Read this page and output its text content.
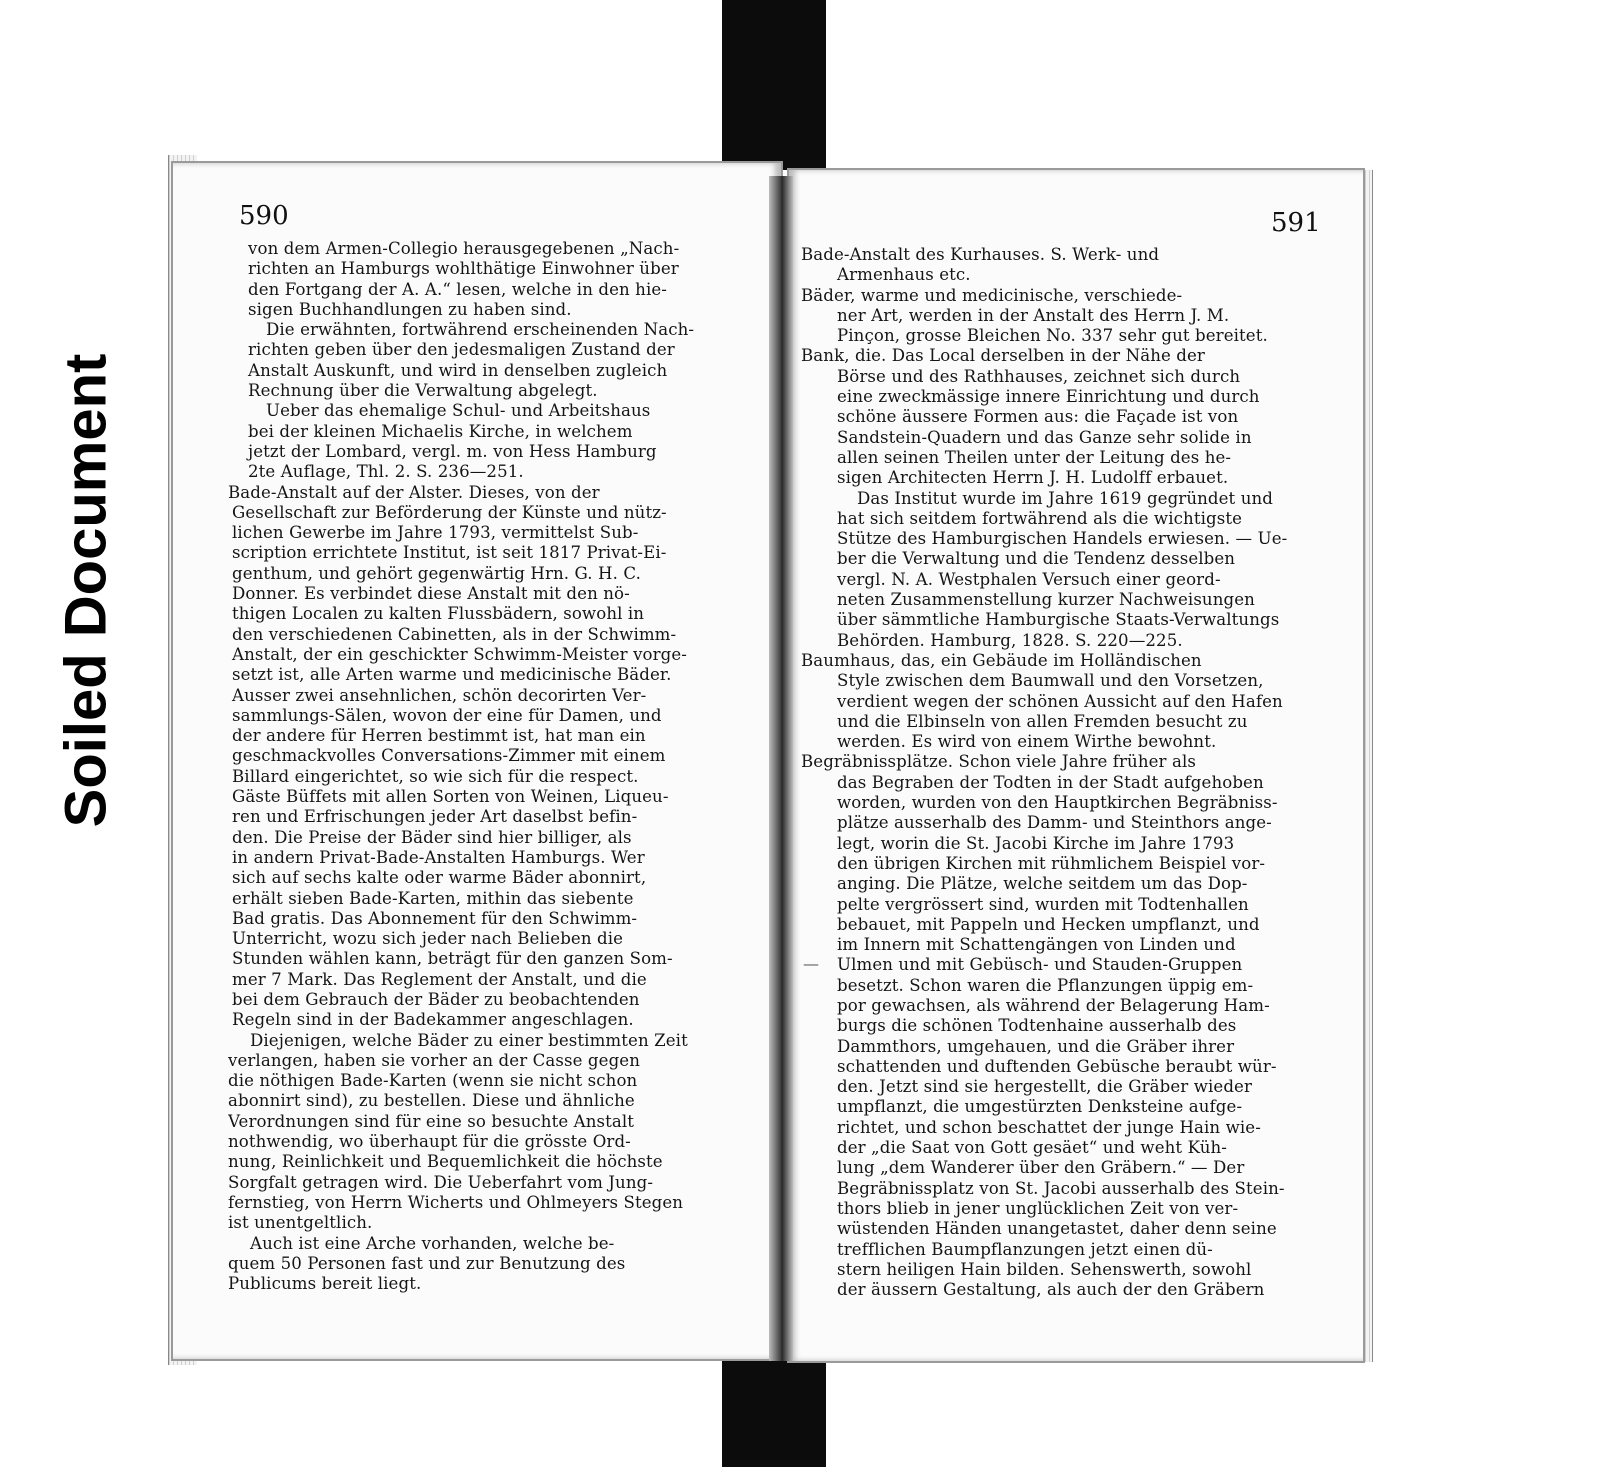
Soiled Document
590
von dem Armen-Collegio herausgegebenen „Nach-
richten an Hamburgs wohlthätige Einwohner über
den Fortgang der A. A.“ lesen, welche in den hie-
sigen Buchhandlungen zu haben sind.
Die erwähnten, fortwährend erscheinenden Nach-
richten geben über den jedesmaligen Zustand der
Anstalt Auskunft, und wird in denselben zugleich
Rechnung über die Verwaltung abgelegt.
Ueber das ehemalige Schul- und Arbeitshaus
bei der kleinen Michaelis Kirche, in welchem
jetzt der Lombard, vergl. m. von Hess Hamburg
2te Auflage, Thl. 2. S. 236—251.
Bade-Anstalt auf der Alster. Dieses, von der
Gesellschaft zur Beförderung der Künste und nütz-
lichen Gewerbe im Jahre 1793, vermittelst Sub-
scription errichtete Institut, ist seit 1817 Privat-Ei-
genthum, und gehört gegenwärtig Hrn. G. H. C.
Donner. Es verbindet diese Anstalt mit den nö-
thigen Localen zu kalten Flussbädern, sowohl in
den verschiedenen Cabinetten, als in der Schwimm-
Anstalt, der ein geschickter Schwimm-Meister vorge-
setzt ist, alle Arten warme und medicinische Bäder.
Ausser zwei ansehnlichen, schön decorirten Ver-
sammlungs-Sälen, wovon der eine für Damen, und
der andere für Herren bestimmt ist, hat man ein
geschmackvolles Conversations-Zimmer mit einem
Billard eingerichtet, so wie sich für die respect.
Gäste Büffets mit allen Sorten von Weinen, Liqueu-
ren und Erfrischungen jeder Art daselbst befin-
den. Die Preise der Bäder sind hier billiger, als
in andern Privat-Bade-Anstalten Hamburgs. Wer
sich auf sechs kalte oder warme Bäder abonnirt,
erhält sieben Bade-Karten, mithin das siebente
Bad gratis. Das Abonnement für den Schwimm-
Unterricht, wozu sich jeder nach Belieben die
Stunden wählen kann, beträgt für den ganzen Som-
mer 7 Mark. Das Reglement der Anstalt, und die
bei dem Gebrauch der Bäder zu beobachtenden
Regeln sind in der Badekammer angeschlagen.
Diejenigen, welche Bäder zu einer bestimmten Zeit
verlangen, haben sie vorher an der Casse gegen
die nöthigen Bade-Karten (wenn sie nicht schon
abonnirt sind), zu bestellen. Diese und ähnliche
Verordnungen sind für eine so besuchte Anstalt
nothwendig, wo überhaupt für die grösste Ord-
nung, Reinlichkeit und Bequemlichkeit die höchste
Sorgfalt getragen wird. Die Ueberfahrt vom Jung-
fernstieg, von Herrn Wicherts und Ohlmeyers Stegen
ist unentgeltlich.
Auch ist eine Arche vorhanden, welche be-
quem 50 Personen fast und zur Benutzung des
Publicums bereit liegt.
591
Bade-Anstalt des Kurhauses. S. Werk- und
Armenhaus etc.
Bäder, warme und medicinische, verschiede-
ner Art, werden in der Anstalt des Herrn J. M.
Pinçon, grosse Bleichen No. 337 sehr gut bereitet.
Bank, die. Das Local derselben in der Nähe der
Börse und des Rathhauses, zeichnet sich durch
eine zweckmässige innere Einrichtung und durch
schöne äussere Formen aus: die Façade ist von
Sandstein-Quadern und das Ganze sehr solide in
allen seinen Theilen unter der Leitung des he-
sigen Architecten Herrn J. H. Ludolff erbauet.
Das Institut wurde im Jahre 1619 gegründet und
hat sich seitdem fortwährend als die wichtigste
Stütze des Hamburgischen Handels erwiesen. — Ue-
ber die Verwaltung und die Tendenz desselben
vergl. N. A. Westphalen Versuch einer geord-
neten Zusammenstellung kurzer Nachweisungen
über sämmtliche Hamburgische Staats-Verwaltungs
Behörden. Hamburg, 1828. S. 220—225.
Baumhaus, das, ein Gebäude im Holländischen
Style zwischen dem Baumwall und den Vorsetzen,
verdient wegen der schönen Aussicht auf den Hafen
und die Elbinseln von allen Fremden besucht zu
werden. Es wird von einem Wirthe bewohnt.
Begräbnissplätze. Schon viele Jahre früher als
das Begraben der Todten in der Stadt aufgehoben
worden, wurden von den Hauptkirchen Begräbniss-
plätze ausserhalb des Damm- und Steinthors ange-
legt, worin die St. Jacobi Kirche im Jahre 1793
den übrigen Kirchen mit rühmlichem Beispiel vor-
anging. Die Plätze, welche seitdem um das Dop-
pelte vergrössert sind, wurden mit Todtenhallen
bebauet, mit Pappeln und Hecken umpflanzt, und
im Innern mit Schattengängen von Linden und
Ulmen und mit Gebüsch- und Stauden-Gruppen
besetzt. Schon waren die Pflanzungen üppig em-
por gewachsen, als während der Belagerung Ham-
burgs die schönen Todtenhaine ausserhalb des
Dammthors, umgehauen, und die Gräber ihrer
schattenden und duftenden Gebüsche beraubt wür-
den. Jetzt sind sie hergestellt, die Gräber wieder
umpflanzt, die umgestürzten Denksteine aufge-
richtet, und schon beschattet der junge Hain wie-
der „die Saat von Gott gesäet“ und weht Küh-
lung „dem Wanderer über den Gräbern.“ — Der
Begräbnissplatz von St. Jacobi ausserhalb des Stein-
thors blieb in jener unglücklichen Zeit von ver-
wüstenden Händen unangetastet, daher denn seine
trefflichen Baumpflanzungen jetzt einen dü-
stern heiligen Hain bilden. Sehenswerth, sowohl
der äussern Gestaltung, als auch der den Gräbern
—
